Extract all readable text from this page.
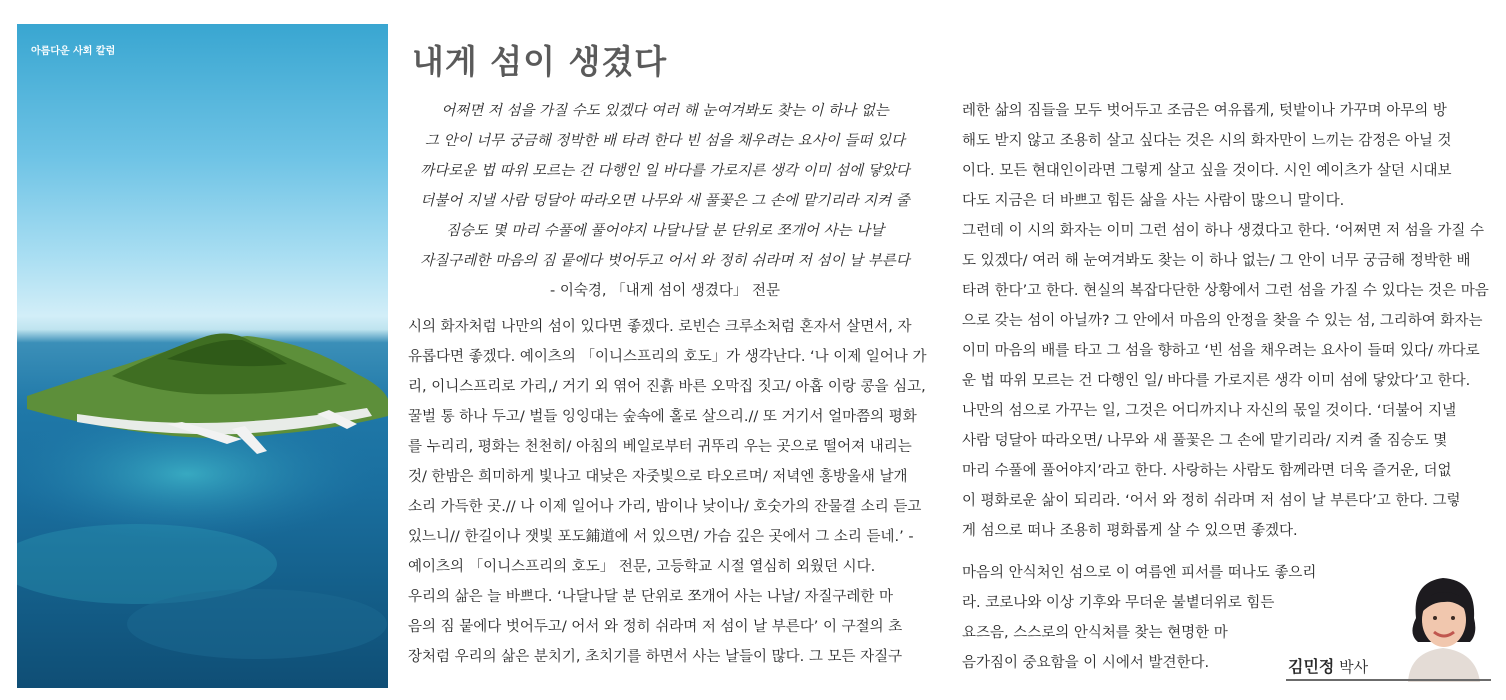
아름다운 사회 칼럼	내게 섬이 생겼다
어쩌면 저 섬을 가질 수도 있겠다 여러 해 눈여겨봐도 찾는 이 하나 없는
그 안이 너무 궁금해 정박한 배 타려 한다 빈 섬을 채우려는 요사이 들떠 있다
까다로운 법 따위 모르는 건 다행인 일 바다를 가로지른 생각 이미 섬에 닿았다
더불어 지낼 사람 덩달아 따라오면 나무와 새 풀꽃은 그 손에 맡기리라 지켜 줄
짐승도 몇 마리 수풀에 풀어야지 나달나달 분 단위로 쪼개어 사는 나날
자질구레한 마음의 짐 뭍에다 벗어두고 어서 와 정히 쉬라며 저 섬이 날 부른다
- 이숙경, 「내게 섬이 생겼다」 전문
시의 화자처럼 나만의 섬이 있다면 좋겠다. 로빈슨 크루소처럼 혼자서 살면서, 자
유롭다면 좋겠다. 예이츠의 「이니스프리의 호도」가 생각난다. ‘나 이제 일어나 가
리, 이니스프리로 가리,/ 거기 외 엮어 진흙 바른 오막집 짓고/ 아홉 이랑 콩을 심고,
꿀벌 통 하나 두고/ 벌들 잉잉대는 숲속에 홀로 살으리.// 또 거기서 얼마쯤의 평화
를 누리리, 평화는 천천히/ 아침의 베일로부터 귀뚜리 우는 곳으로 떨어져 내리는
것/ 한밤은 희미하게 빛나고 대낮은 자줏빛으로 타오르며/ 저녁엔 홍방울새 날개
소리 가득한 곳.// 나 이제 일어나 가리, 밤이나 낮이나/ 호숫가의 잔물결 소리 듣고
있느니// 한길이나 잿빛 포도鋪道에 서 있으면/ 가슴 깊은 곳에서 그 소리 듣네.’ -
예이츠의 「이니스프리의 호도」 전문, 고등학교 시절 열심히 외웠던 시다.
우리의 삶은 늘 바쁘다. ‘나달나달 분 단위로 쪼개어 사는 나날/ 자질구레한 마
음의 짐 뭍에다 벗어두고/ 어서 와 정히 쉬라며 저 섬이 날 부른다’ 이 구절의 초
장처럼 우리의 삶은 분치기, 초치기를 하면서 사는 날들이 많다. 그 모든 자질구
레한 삶의 짐들을 모두 벗어두고 조금은 여유롭게, 텃밭이나 가꾸며 아무의 방
해도 받지 않고 조용히 살고 싶다는 것은 시의 화자만이 느끼는 감정은 아닐 것
이다. 모든 현대인이라면 그렇게 살고 싶을 것이다. 시인 예이츠가 살던 시대보
다도 지금은 더 바쁘고 힘든 삶을 사는 사람이 많으니 말이다.
그런데 이 시의 화자는 이미 그런 섬이 하나 생겼다고 한다. ‘어쩌면 저 섬을 가질 수
도 있겠다/ 여러 해 눈여겨봐도 찾는 이 하나 없는/ 그 안이 너무 궁금해 정박한 배
타려 한다’고 한다. 현실의 복잡다단한 상황에서 그런 섬을 가질 수 있다는 것은 마음
으로 갖는 섬이 아닐까? 그 안에서 마음의 안정을 찾을 수 있는 섬, 그리하여 화자는
이미 마음의 배를 타고 그 섬을 향하고 ‘빈 섬을 채우려는 요사이 들떠 있다/ 까다로
운 법 따위 모르는 건 다행인 일/ 바다를 가로지른 생각 이미 섬에 닿았다’고 한다.
나만의 섬으로 가꾸는 일, 그것은 어디까지나 자신의 몫일 것이다. ‘더불어 지낼
사람 덩달아 따라오면/ 나무와 새 풀꽃은 그 손에 맡기리라/ 지켜 줄 짐승도 몇
마리 수풀에 풀어야지’라고 한다. 사랑하는 사람도 함께라면 더욱 즐거운, 더없
이 평화로운 삶이 되리라. ‘어서 와 정히 쉬라며 저 섬이 날 부른다’고 한다. 그렇
게 섬으로 떠나 조용히 평화롭게 살 수 있으면 좋겠다.
마음의 안식처인 섬으로 이 여름엔 피서를 떠나도 좋으리
라. 코로나와 이상 기후와 무더운 불볕더위로 힘든
요즈음, 스스로의 안식처를 찾는 현명한 마
음가짐이 중요함을 이 시에서 발견한다.	김민정 박사
